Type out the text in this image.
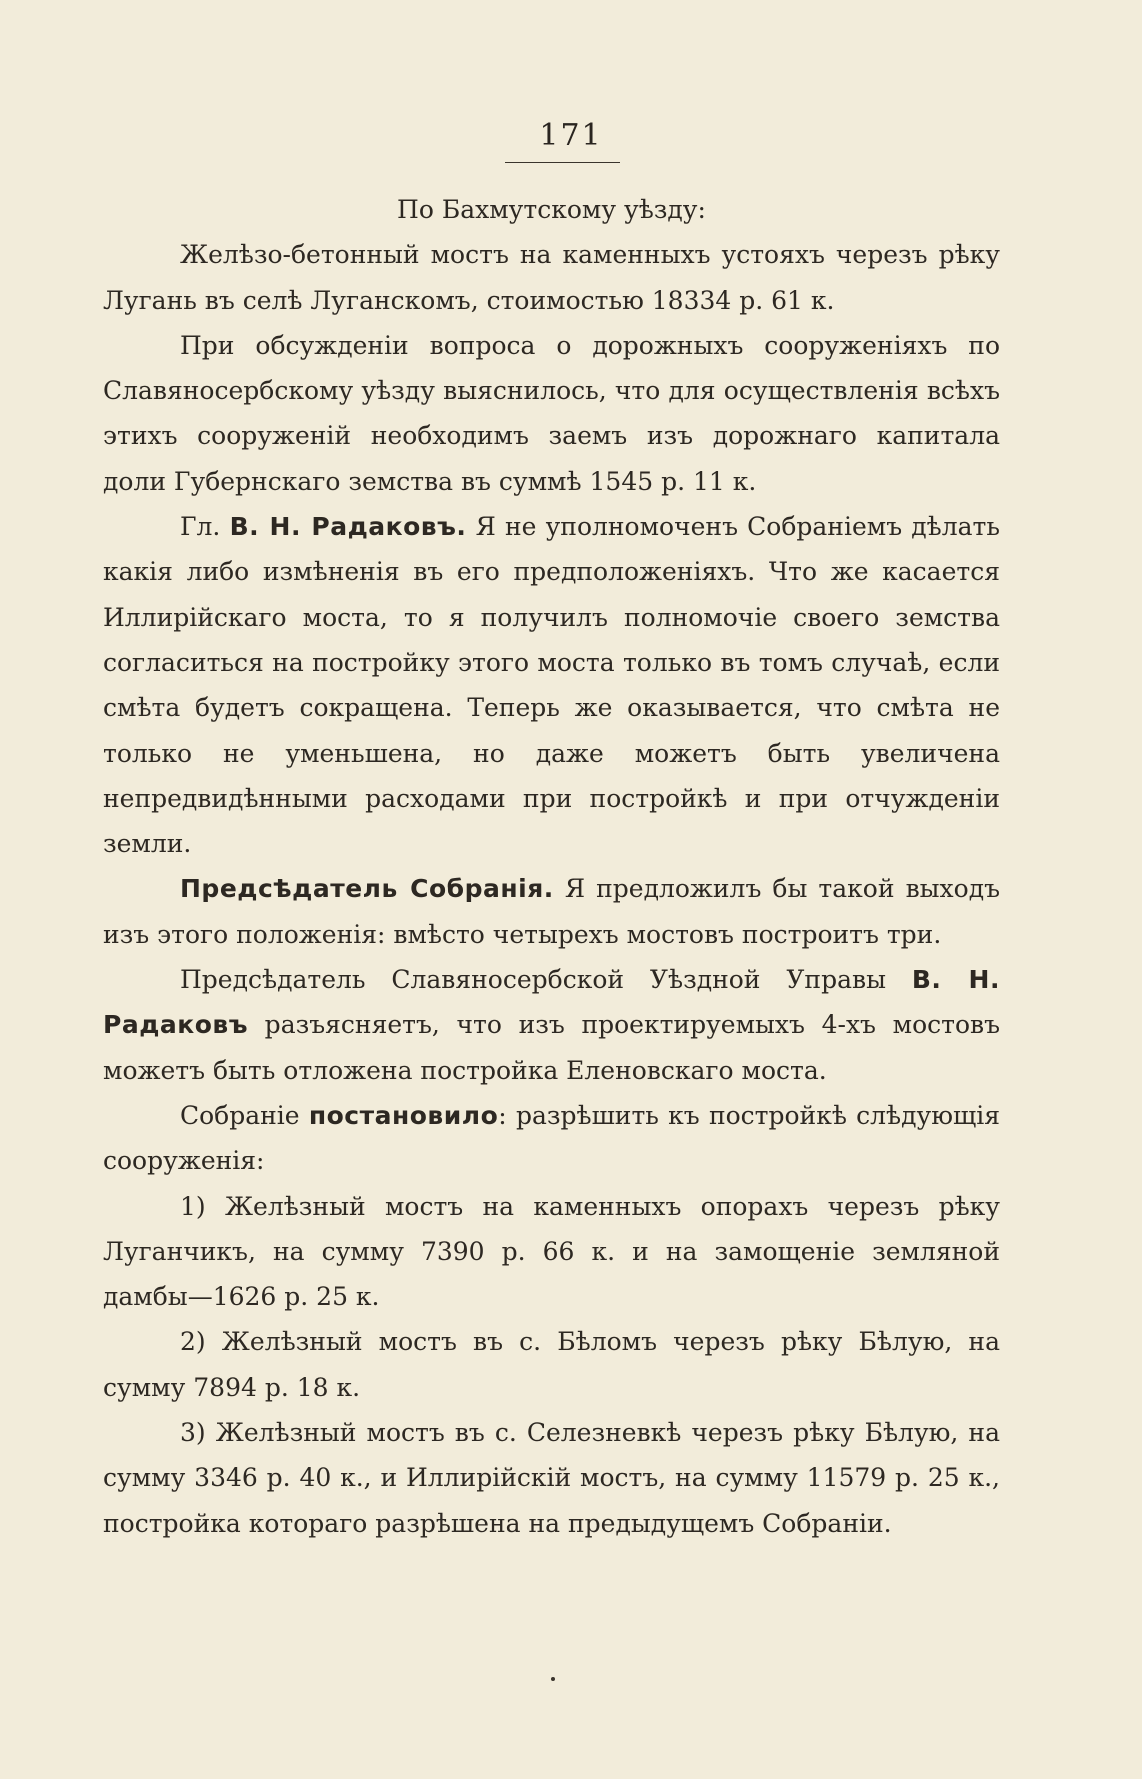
171

По Бахмутскому уѣзду:

Желѣзо-бетонный мостъ на каменныхъ устояхъ черезъ рѣку Лугань въ селѣ Луганскомъ, стоимостью 18334 р. 61 к.

При обсужденіи вопроса о дорожныхъ сооруженіяхъ по Славяносербскому уѣзду выяснилось, что для осуществленія всѣхъ этихъ сооруженій необходимъ заемъ изъ дорожнаго капитала доли Губернскаго земства въ суммѣ 1545 р. 11 к.

Гл. В. Н. Радаковъ. Я не уполномоченъ Собраніемъ дѣлать какія либо измѣненія въ его предположеніяхъ. Что же касается Иллирійскаго моста, то я получилъ полномочіе своего земства согласиться на постройку этого моста только въ томъ случаѣ, если смѣта будетъ сокращена. Теперь же оказывается, что смѣта не только не уменьшена, но даже можетъ быть увеличена непредвидѣнными расходами при постройкѣ и при отчужденіи земли.

Предсѣдатель Собранія. Я предложилъ бы такой выходъ изъ этого положенія: вмѣсто четырехъ мостовъ построитъ три.

Предсѣдатель Славяносербской Уѣздной Управы В. Н. Радаковъ разъясняетъ, что изъ проектируемыхъ 4-хъ мостовъ можетъ быть отложена постройка Еленовскаго моста.

Собраніе постановило: разрѣшить къ постройкѣ слѣдующія сооруженія:

1) Желѣзный мостъ на каменныхъ опорахъ черезъ рѣку Луганчикъ, на сумму 7390 р. 66 к. и на замощеніе земляной дамбы—1626 р. 25 к.

2) Желѣзный мостъ въ с. Бѣломъ черезъ рѣку Бѣлую, на сумму 7894 р. 18 к.

3) Желѣзный мостъ въ с. Селезневкѣ черезъ рѣку Бѣлую, на сумму 3346 р. 40 к., и Иллирійскій мостъ, на сумму 11579 р. 25 к., постройка котораго разрѣшена на предыдущемъ Собраніи.
